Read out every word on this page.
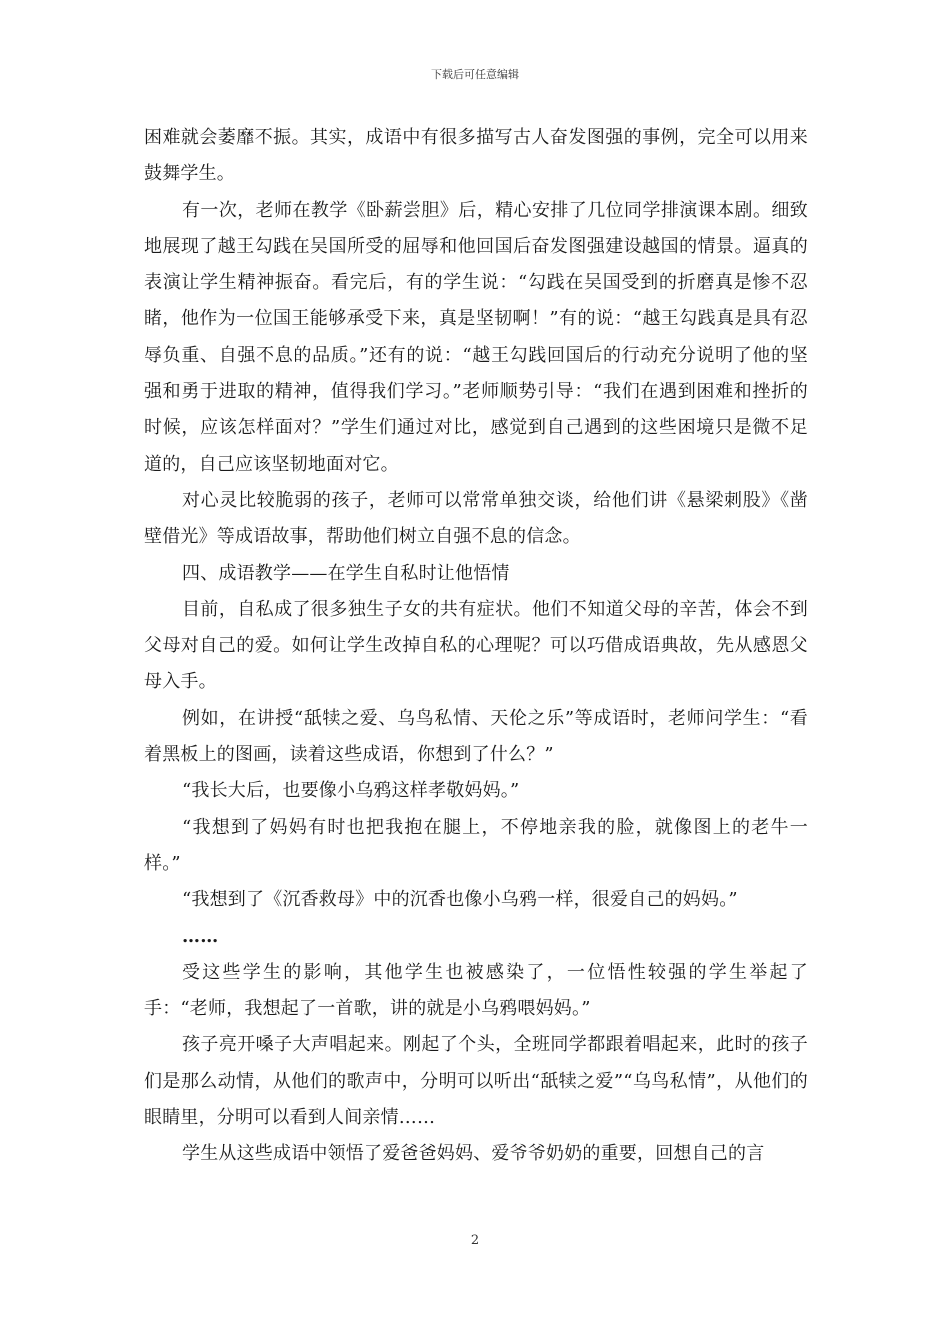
下载后可任意编辑

困难就会萎靡不振。其实，成语中有很多描写古人奋发图强的事例，完全可以用来鼓舞学生。

有一次，老师在教学《卧薪尝胆》后，精心安排了几位同学排演课本剧。细致地展现了越王勾践在吴国所受的屈辱和他回国后奋发图强建设越国的情景。逼真的表演让学生精神振奋。看完后，有的学生说：“勾践在吴国受到的折磨真是惨不忍睹，他作为一位国王能够承受下来，真是坚韧啊！”有的说：“越王勾践真是具有忍辱负重、自强不息的品质。”还有的说：“越王勾践回国后的行动充分说明了他的坚强和勇于进取的精神，值得我们学习。”老师顺势引导：“我们在遇到困难和挫折的时候，应该怎样面对？”学生们通过对比，感觉到自己遇到的这些困境只是微不足道的，自己应该坚韧地面对它。

对心灵比较脆弱的孩子，老师可以常常单独交谈，给他们讲《悬梁刺股》《凿壁借光》等成语故事，帮助他们树立自强不息的信念。

四、成语教学——在学生自私时让他悟情

目前，自私成了很多独生子女的共有症状。他们不知道父母的辛苦，体会不到父母对自己的爱。如何让学生改掉自私的心理呢？可以巧借成语典故，先从感恩父母入手。

例如，在讲授“舐犊之爱、乌鸟私情、天伦之乐”等成语时，老师问学生：“看着黑板上的图画，读着这些成语，你想到了什么？”

“我长大后，也要像小乌鸦这样孝敬妈妈。”

“我想到了妈妈有时也把我抱在腿上，不停地亲我的脸，就像图上的老牛一样。”

“我想到了《沉香救母》中的沉香也像小乌鸦一样，很爱自己的妈妈。”

……

受这些学生的影响，其他学生也被感染了，一位悟性较强的学生举起了手：“老师，我想起了一首歌，讲的就是小乌鸦喂妈妈。”

孩子亮开嗓子大声唱起来。刚起了个头，全班同学都跟着唱起来，此时的孩子们是那么动情，从他们的歌声中，分明可以听出“舐犊之爱”“乌鸟私情”，从他们的眼睛里，分明可以看到人间亲情……

学生从这些成语中领悟了爱爸爸妈妈、爱爷爷奶奶的重要，回想自己的言

2
